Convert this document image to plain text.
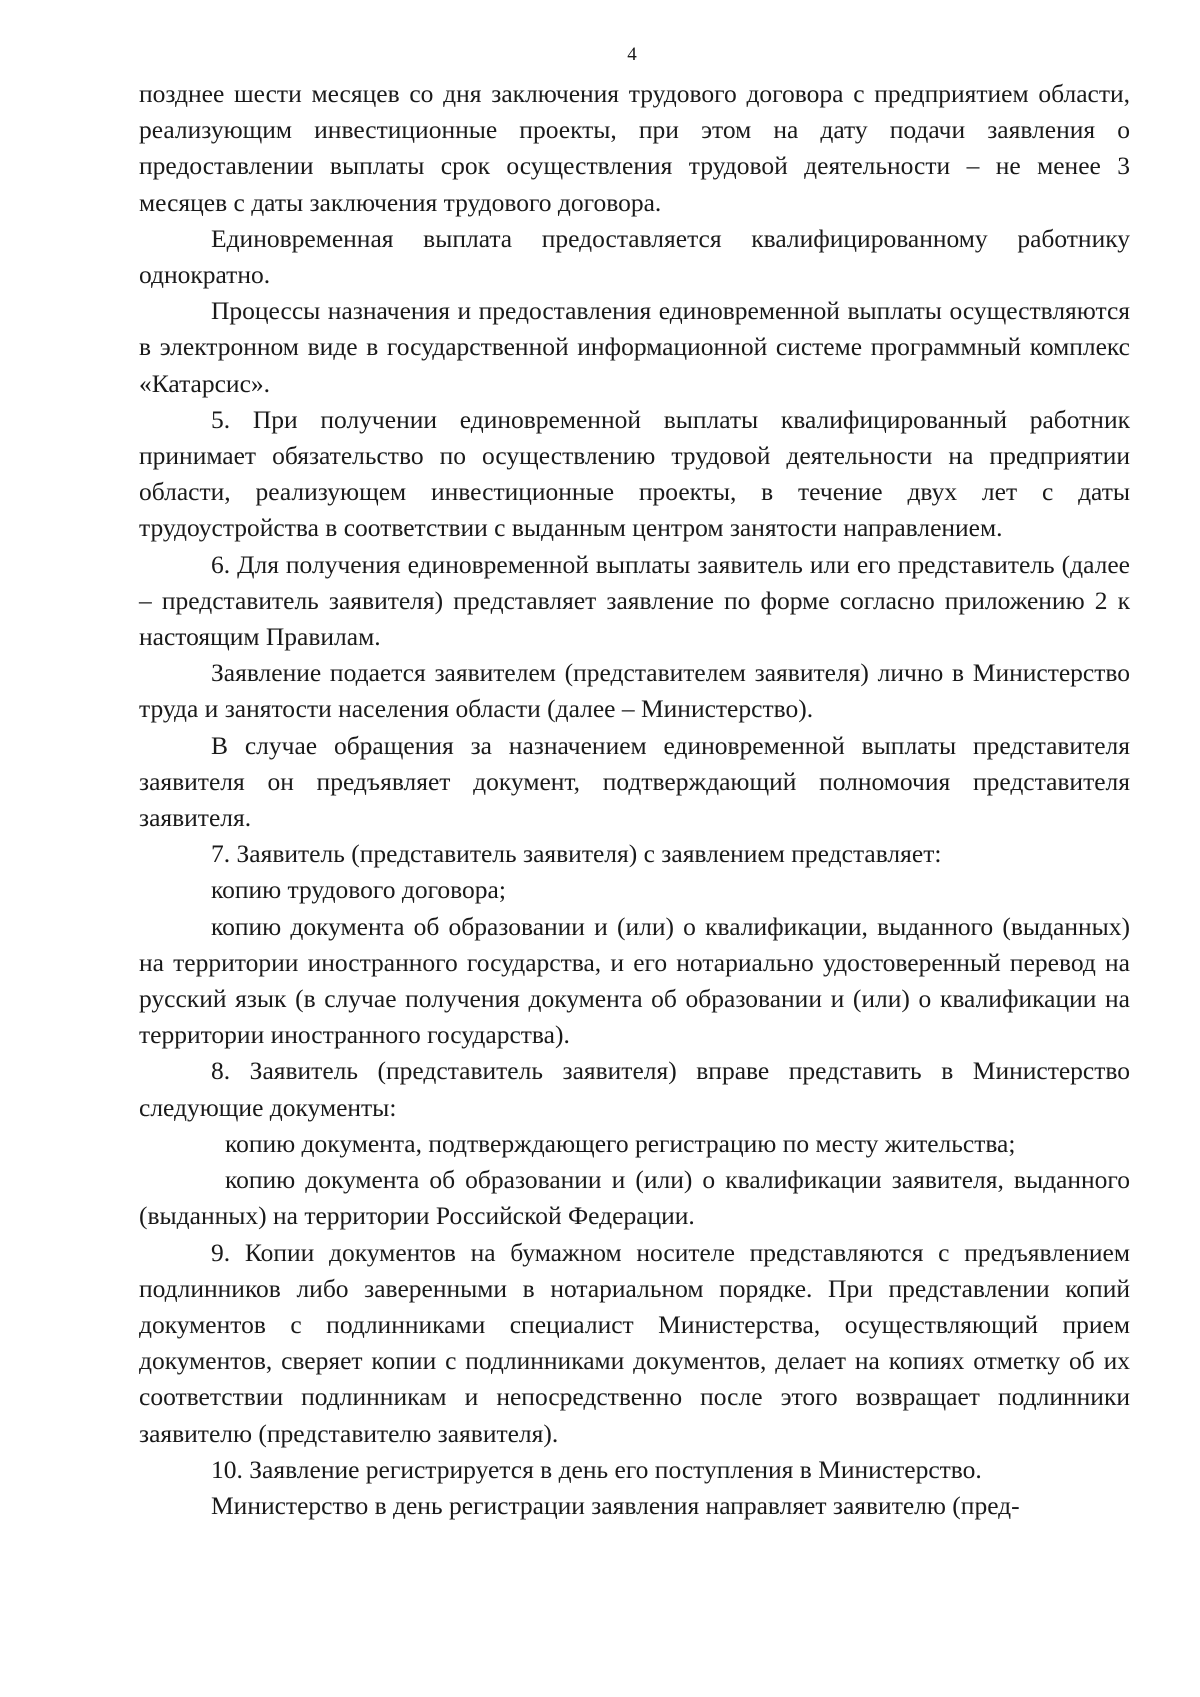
4

позднее шести месяцев со дня заключения трудового договора с предприятием области, реализующим инвестиционные проекты, при этом на дату подачи заявления о предоставлении выплаты срок осуществления трудовой деятельности – не менее 3 месяцев с даты заключения трудового договора.

Единовременная выплата предоставляется квалифицированному работнику однократно.

Процессы назначения и предоставления единовременной выплаты осуществляются в электронном виде в государственной информационной системе программный комплекс «Катарсис».

5. При получении единовременной выплаты квалифицированный работник принимает обязательство по осуществлению трудовой деятельности на предприятии области, реализующем инвестиционные проекты, в течение двух лет с даты трудоустройства в соответствии с выданным центром занятости направлением.

6. Для получения единовременной выплаты заявитель или его представитель (далее – представитель заявителя) представляет заявление по форме согласно приложению 2 к настоящим Правилам.

Заявление подается заявителем (представителем заявителя) лично в Министерство труда и занятости населения области (далее – Министерство).

В случае обращения за назначением единовременной выплаты представителя заявителя он предъявляет документ, подтверждающий полномочия представителя заявителя.

7. Заявитель (представитель заявителя) с заявлением представляет:

копию трудового договора;

копию документа об образовании и (или) о квалификации, выданного (выданных) на территории иностранного государства, и его нотариально удостоверенный перевод на русский язык (в случае получения документа об образовании и (или) о квалификации на территории иностранного государства).

8. Заявитель (представитель заявителя) вправе представить в Министерство следующие документы:

копию документа, подтверждающего регистрацию по месту жительства;

копию документа об образовании и (или) о квалификации заявителя, выданного (выданных) на территории Российской Федерации.

9. Копии документов на бумажном носителе представляются с предъявлением подлинников либо заверенными в нотариальном порядке. При представлении копий документов с подлинниками специалист Министерства, осуществляющий прием документов, сверяет копии с подлинниками документов, делает на копиях отметку об их соответствии подлинникам и непосредственно после этого возвращает подлинники заявителю (представителю заявителя).

10. Заявление регистрируется в день его поступления в Министерство.

Министерство в день регистрации заявления направляет заявителю (пред-
